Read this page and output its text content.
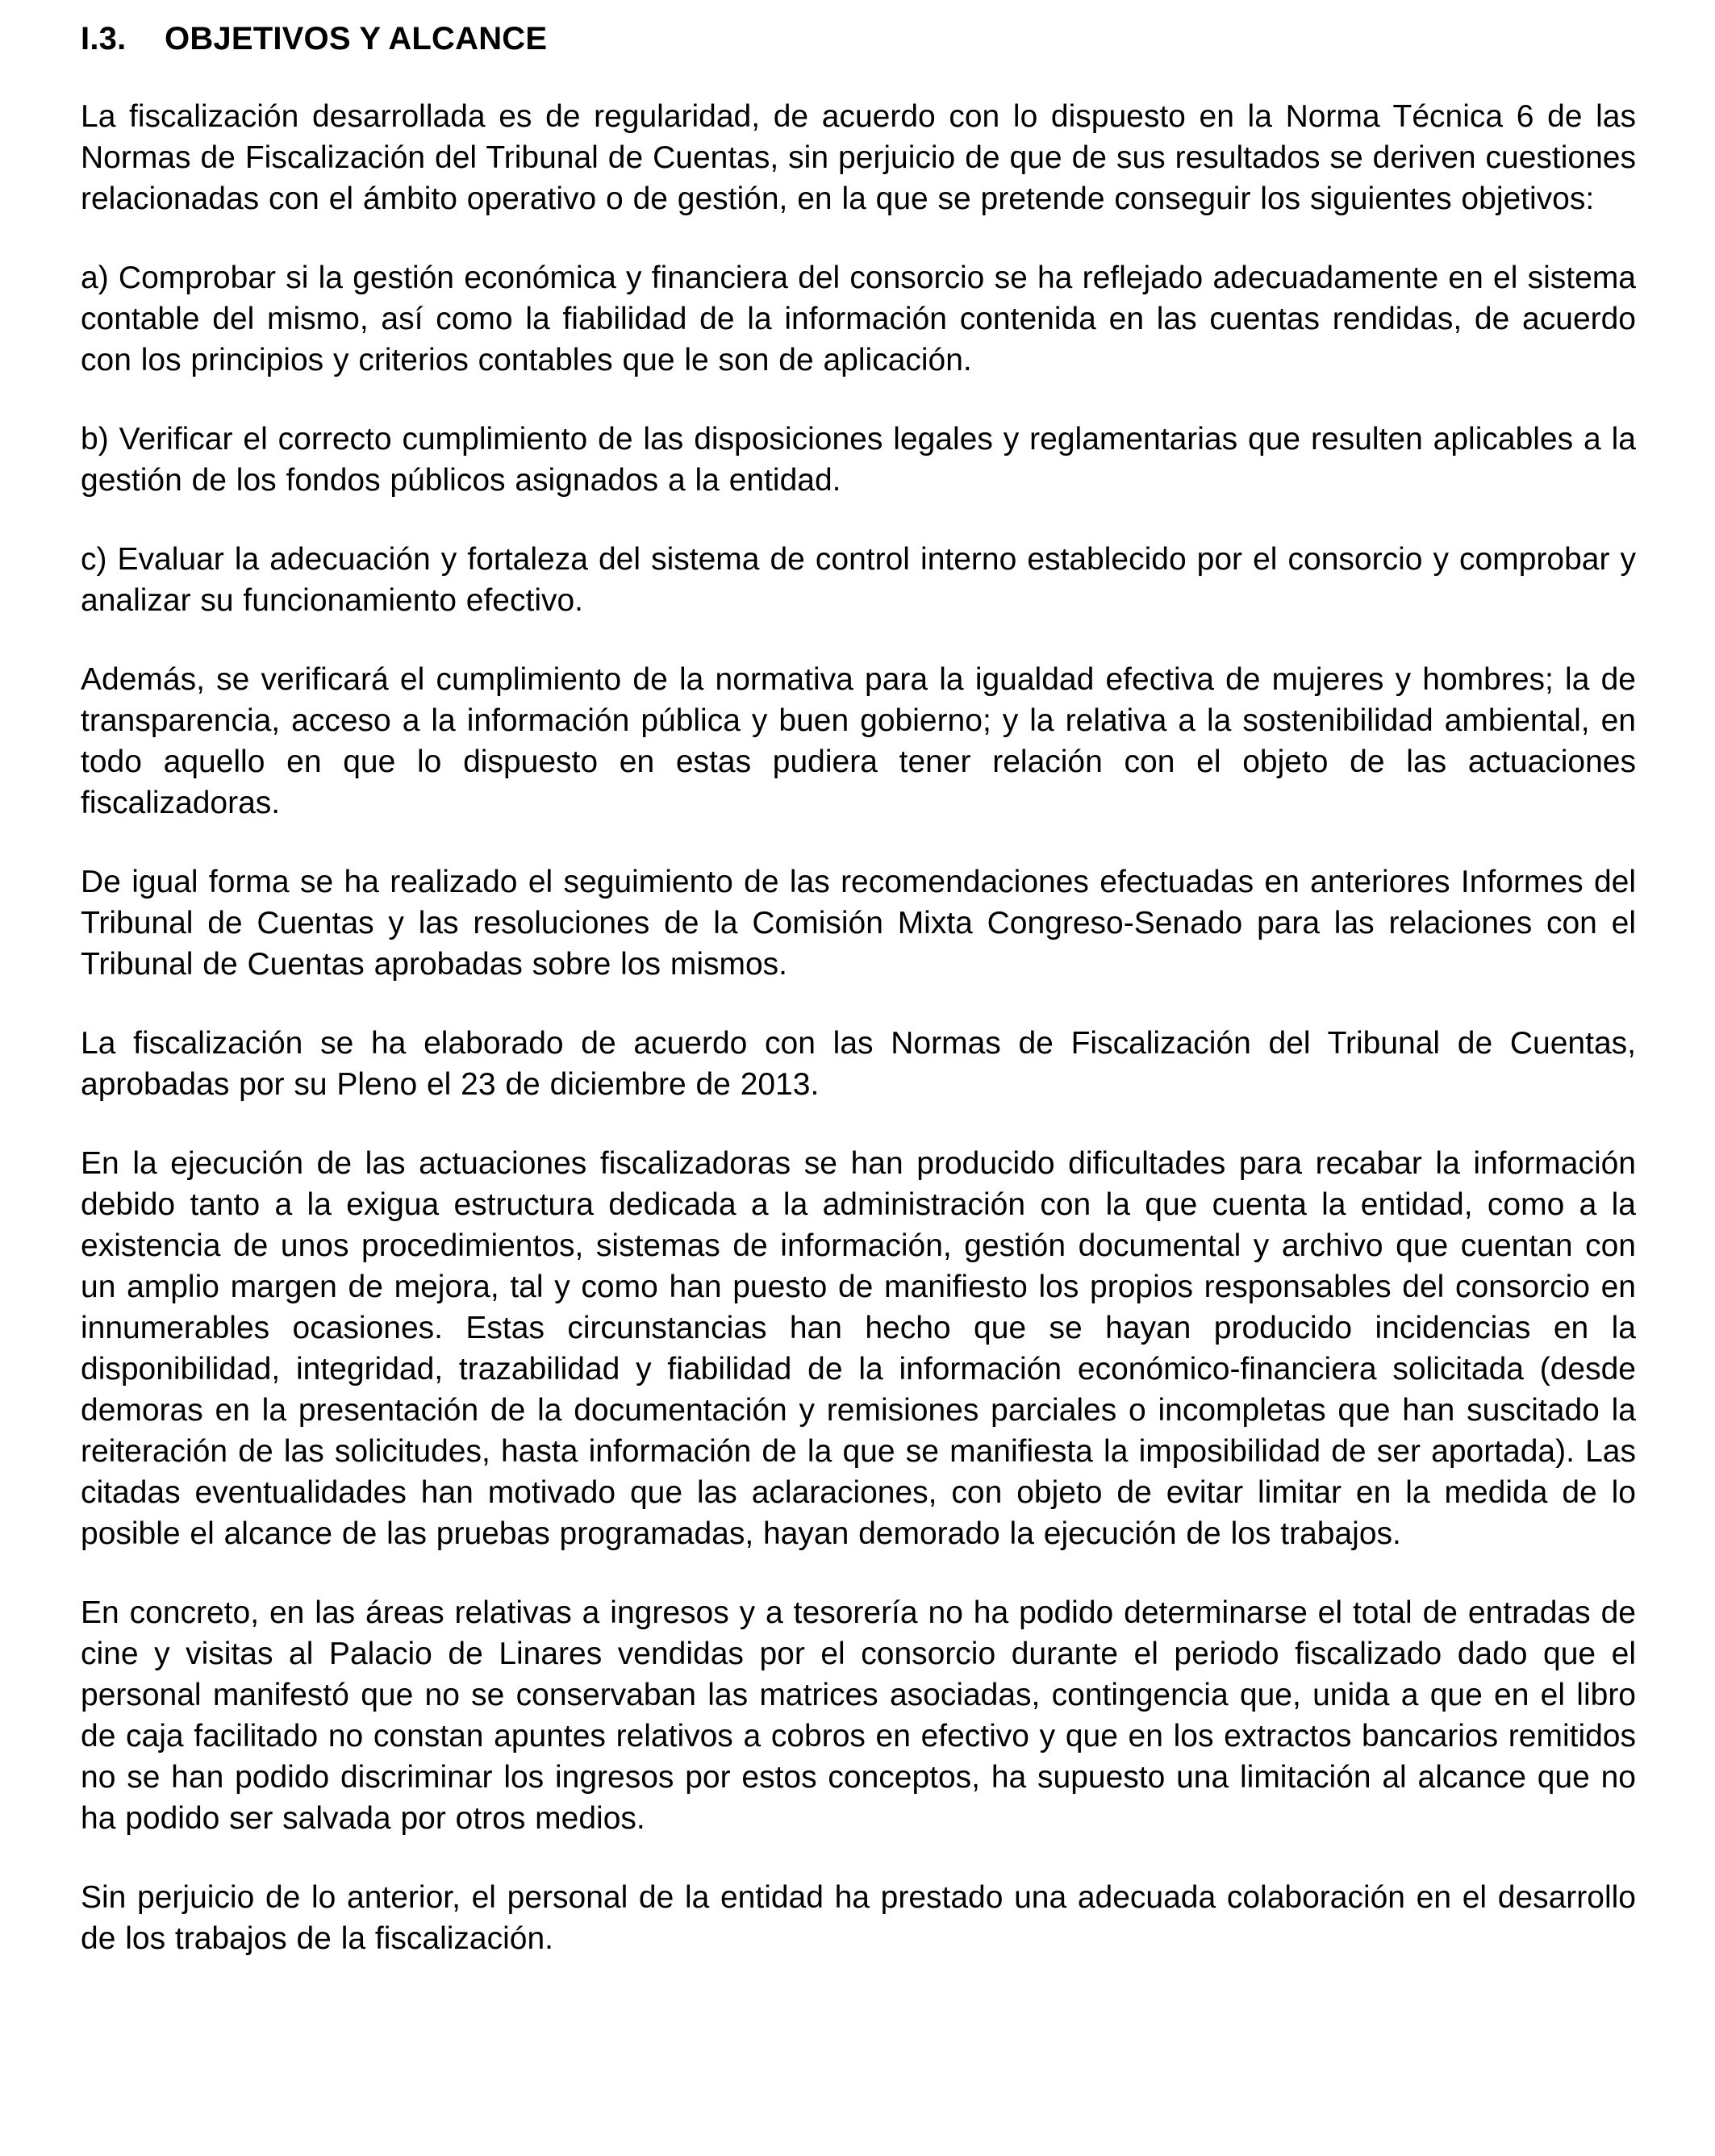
I.3. OBJETIVOS Y ALCANCE

La fiscalización desarrollada es de regularidad, de acuerdo con lo dispuesto en la Norma Técnica 6 de las Normas de Fiscalización del Tribunal de Cuentas, sin perjuicio de que de sus resultados se deriven cuestiones relacionadas con el ámbito operativo o de gestión, en la que se pretende conseguir los siguientes objetivos:

a) Comprobar si la gestión económica y financiera del consorcio se ha reflejado adecuadamente en el sistema contable del mismo, así como la fiabilidad de la información contenida en las cuentas rendidas, de acuerdo con los principios y criterios contables que le son de aplicación.

b) Verificar el correcto cumplimiento de las disposiciones legales y reglamentarias que resulten aplicables a la gestión de los fondos públicos asignados a la entidad.

c) Evaluar la adecuación y fortaleza del sistema de control interno establecido por el consorcio y comprobar y analizar su funcionamiento efectivo.

Además, se verificará el cumplimiento de la normativa para la igualdad efectiva de mujeres y hombres; la de transparencia, acceso a la información pública y buen gobierno; y la relativa a la sostenibilidad ambiental, en todo aquello en que lo dispuesto en estas pudiera tener relación con el objeto de las actuaciones fiscalizadoras.

De igual forma se ha realizado el seguimiento de las recomendaciones efectuadas en anteriores Informes del Tribunal de Cuentas y las resoluciones de la Comisión Mixta Congreso-Senado para las relaciones con el Tribunal de Cuentas aprobadas sobre los mismos.

La fiscalización se ha elaborado de acuerdo con las Normas de Fiscalización del Tribunal de Cuentas, aprobadas por su Pleno el 23 de diciembre de 2013.

En la ejecución de las actuaciones fiscalizadoras se han producido dificultades para recabar la información debido tanto a la exigua estructura dedicada a la administración con la que cuenta la entidad, como a la existencia de unos procedimientos, sistemas de información, gestión documental y archivo que cuentan con un amplio margen de mejora, tal y como han puesto de manifiesto los propios responsables del consorcio en innumerables ocasiones. Estas circunstancias han hecho que se hayan producido incidencias en la disponibilidad, integridad, trazabilidad y fiabilidad de la información económico-financiera solicitada (desde demoras en la presentación de la documentación y remisiones parciales o incompletas que han suscitado la reiteración de las solicitudes, hasta información de la que se manifiesta la imposibilidad de ser aportada). Las citadas eventualidades han motivado que las aclaraciones, con objeto de evitar limitar en la medida de lo posible el alcance de las pruebas programadas, hayan demorado la ejecución de los trabajos.

En concreto, en las áreas relativas a ingresos y a tesorería no ha podido determinarse el total de entradas de cine y visitas al Palacio de Linares vendidas por el consorcio durante el periodo fiscalizado dado que el personal manifestó que no se conservaban las matrices asociadas, contingencia que, unida a que en el libro de caja facilitado no constan apuntes relativos a cobros en efectivo y que en los extractos bancarios remitidos no se han podido discriminar los ingresos por estos conceptos, ha supuesto una limitación al alcance que no ha podido ser salvada por otros medios.

Sin perjuicio de lo anterior, el personal de la entidad ha prestado una adecuada colaboración en el desarrollo de los trabajos de la fiscalización.
